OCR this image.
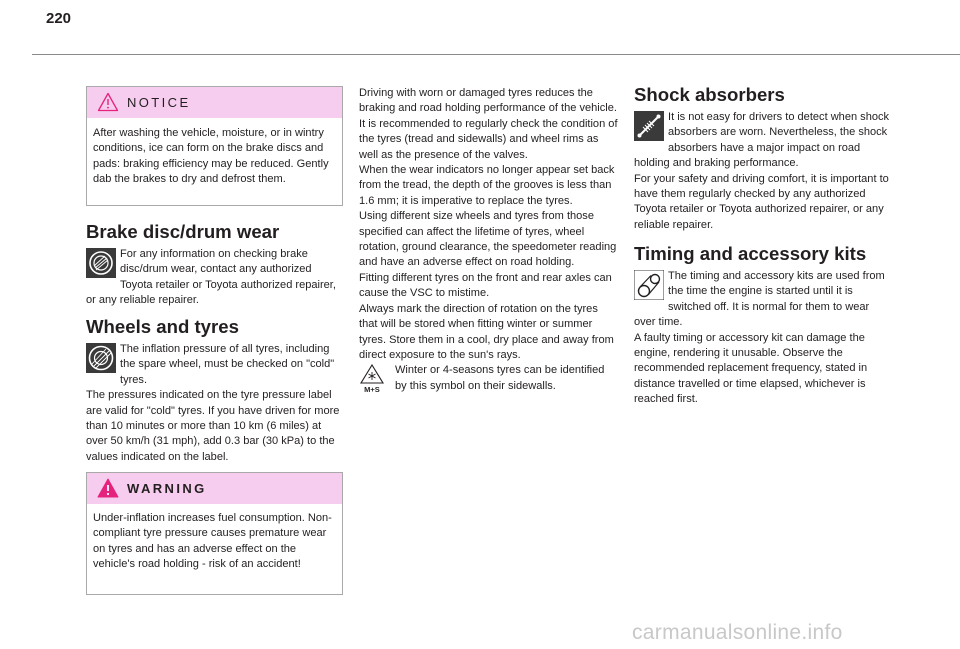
220
NOTICE

After washing the vehicle, moisture, or in wintry conditions, ice can form on the brake discs and pads: braking efficiency may be reduced. Gently dab the brakes to dry and defrost them.

Brake disc/drum wear

For any information on checking brake disc/drum wear, contact any authorized Toyota retailer or Toyota authorized repairer, or any reliable repairer.

Wheels and tyres

The inflation pressure of all tyres, including the spare wheel, must be checked on "cold" tyres.

The pressures indicated on the tyre pressure label are valid for "cold" tyres. If you have driven for more than 10 minutes or more than 10 km (6 miles) at over 50 km/h (31 mph), add 0.3 bar (30 kPa) to the values indicated on the label.

WARNING

Under-inflation increases fuel consumption. Non-compliant tyre pressure causes premature wear on tyres and has an adverse effect on the vehicle's road holding - risk of an accident!

Driving with worn or damaged tyres reduces the braking and road holding performance of the vehicle. It is recommended to regularly check the condition of the tyres (tread and sidewalls) and wheel rims as well as the presence of the valves.

When the wear indicators no longer appear set back from the tread, the depth of the grooves is less than 1.6 mm; it is imperative to replace the tyres.

Using different size wheels and tyres from those specified can affect the lifetime of tyres, wheel rotation, ground clearance, the speedometer reading and have an adverse effect on road holding.

Fitting different tyres on the front and rear axles can cause the VSC to mistime.

Always mark the direction of rotation on the tyres that will be stored when fitting winter or summer tyres. Store them in a cool, dry place and away from direct exposure to the sun's rays.

M+S

Winter or 4-seasons tyres can be identified by this symbol on their sidewalls.

Shock absorbers

It is not easy for drivers to detect when shock absorbers are worn. Nevertheless, the shock absorbers have a major impact on road holding and braking performance.

For your safety and driving comfort, it is important to have them regularly checked by any authorized Toyota retailer or Toyota authorized repairer, or any reliable repairer.

Timing and accessory kits

The timing and accessory kits are used from the time the engine is started until it is switched off. It is normal for them to wear over time.

A faulty timing or accessory kit can damage the engine, rendering it unusable. Observe the recommended replacement frequency, stated in distance travelled or time elapsed, whichever is reached first.

carmanualsonline.info
